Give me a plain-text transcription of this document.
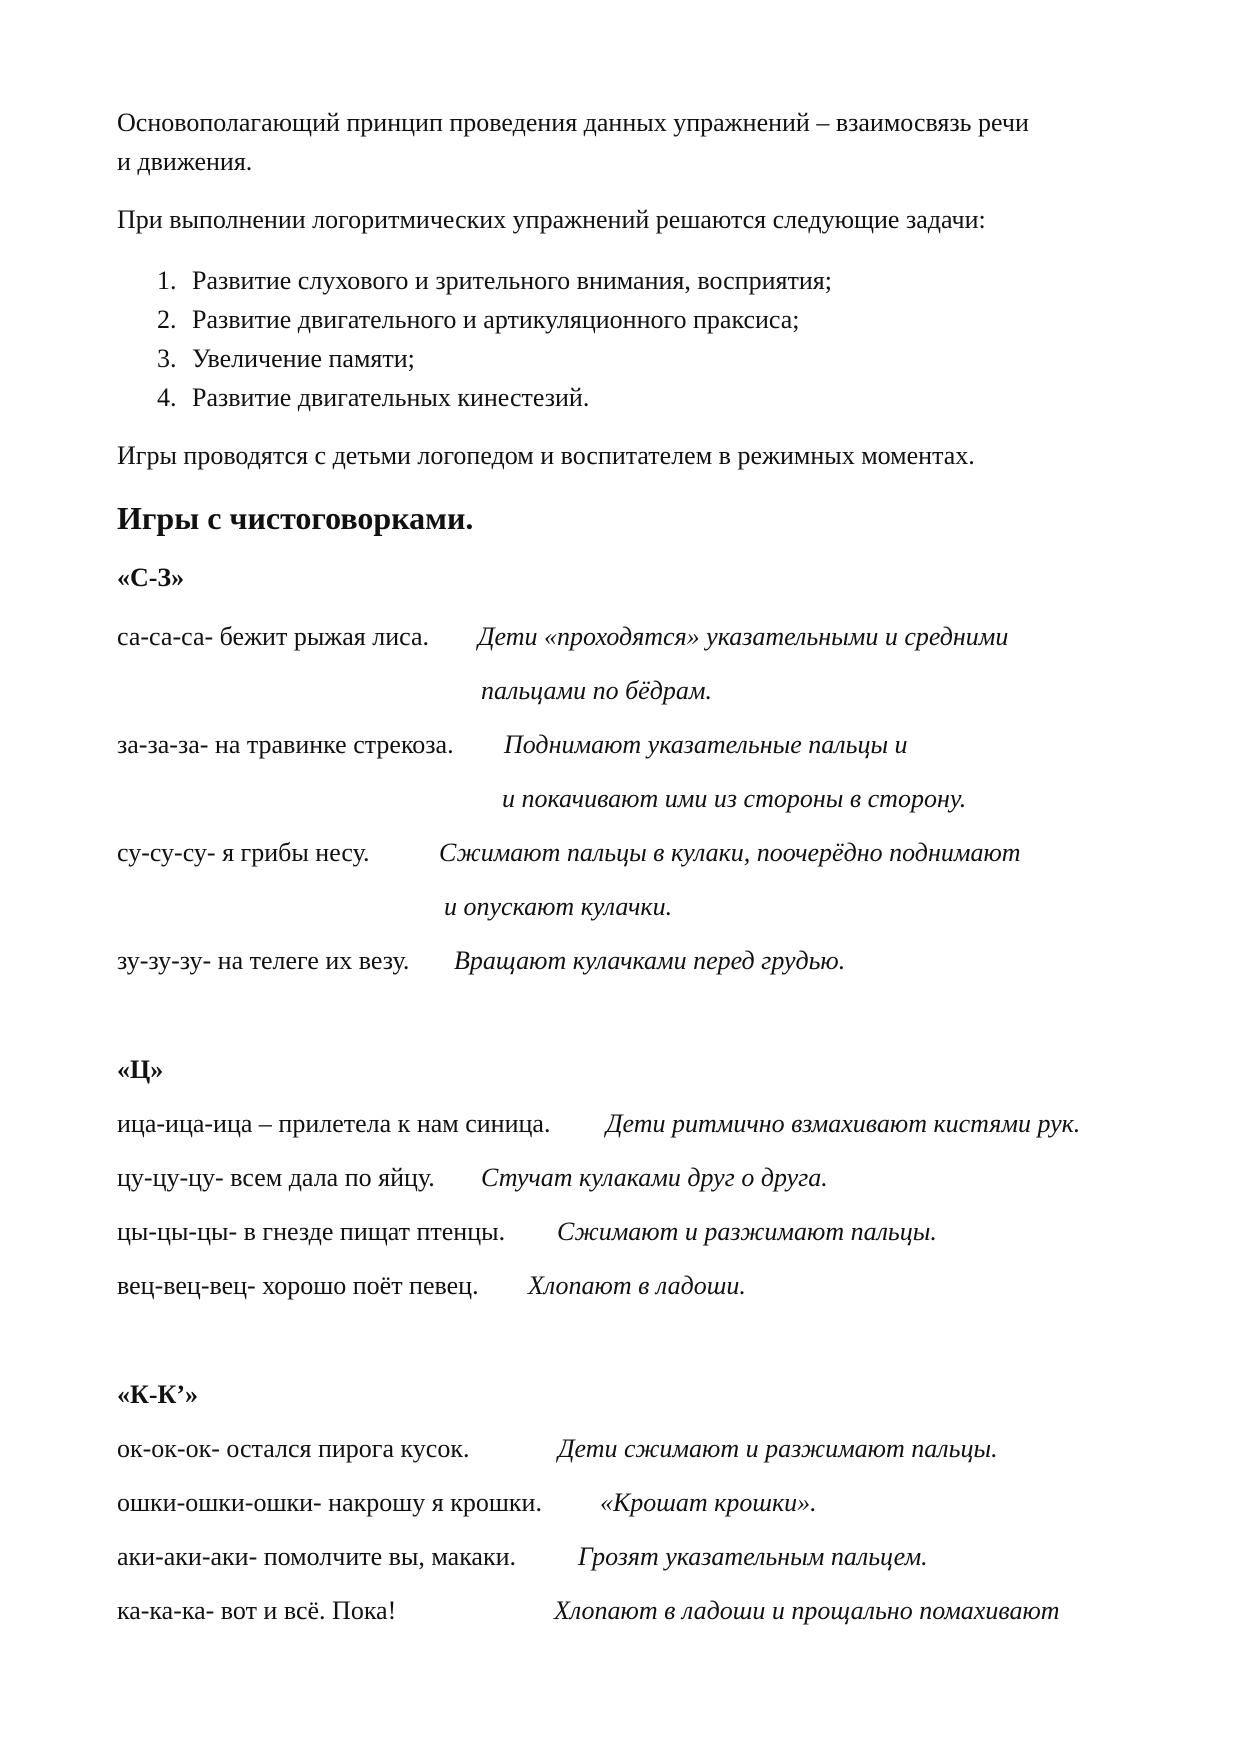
Основополагающий принцип проведения данных упражнений – взаимосвязь речи
и движения.
При выполнении логоритмических упражнений решаются следующие задачи:
1. Развитие слухового и зрительного внимания, восприятия;
2. Развитие двигательного и артикуляционного праксиса;
3. Увеличение памяти;
4. Развитие двигательных кинестезий.
Игры проводятся с детьми логопедом и воспитателем в режимных моментах.
Игры с чистоговорками.
«С-З»
са-са-са- бежит рыжая лиса. Дети «проходятся» указательными и средними
пальцами по бёдрам.
за-за-за- на травинке стрекоза. Поднимают указательные пальцы и
и покачивают ими из стороны в сторону.
су-су-су- я грибы несу.	Сжимают пальцы в кулаки, поочерёдно поднимают
и опускают кулачки.
зу-зу-зу- на телеге их везу. Вращают кулачками перед грудью.
«Ц»
ица-ица-ица – прилетела к нам синица. Дети ритмично взмахивают кистями рук.
цу-цу-цу- всем дала по яйцу. Стучат кулаками друг о друга.
цы-цы-цы- в гнезде пищат птенцы. Сжимают и разжимают пальцы.
вец-вец-вец- хорошо поёт певец. Хлопают в ладоши.
«К-К’»
ок-ок-ок- остался пирога кусок.	Дети сжимают и разжимают пальцы.
ошки-ошки-ошки- накрошу я крошки. «Крошат крошки».
аки-аки-аки- помолчите вы, макаки. Грозят указательным пальцем.
ка-ка-ка- вот и всё. Пока!	Хлопают в ладоши и прощально помахивают
